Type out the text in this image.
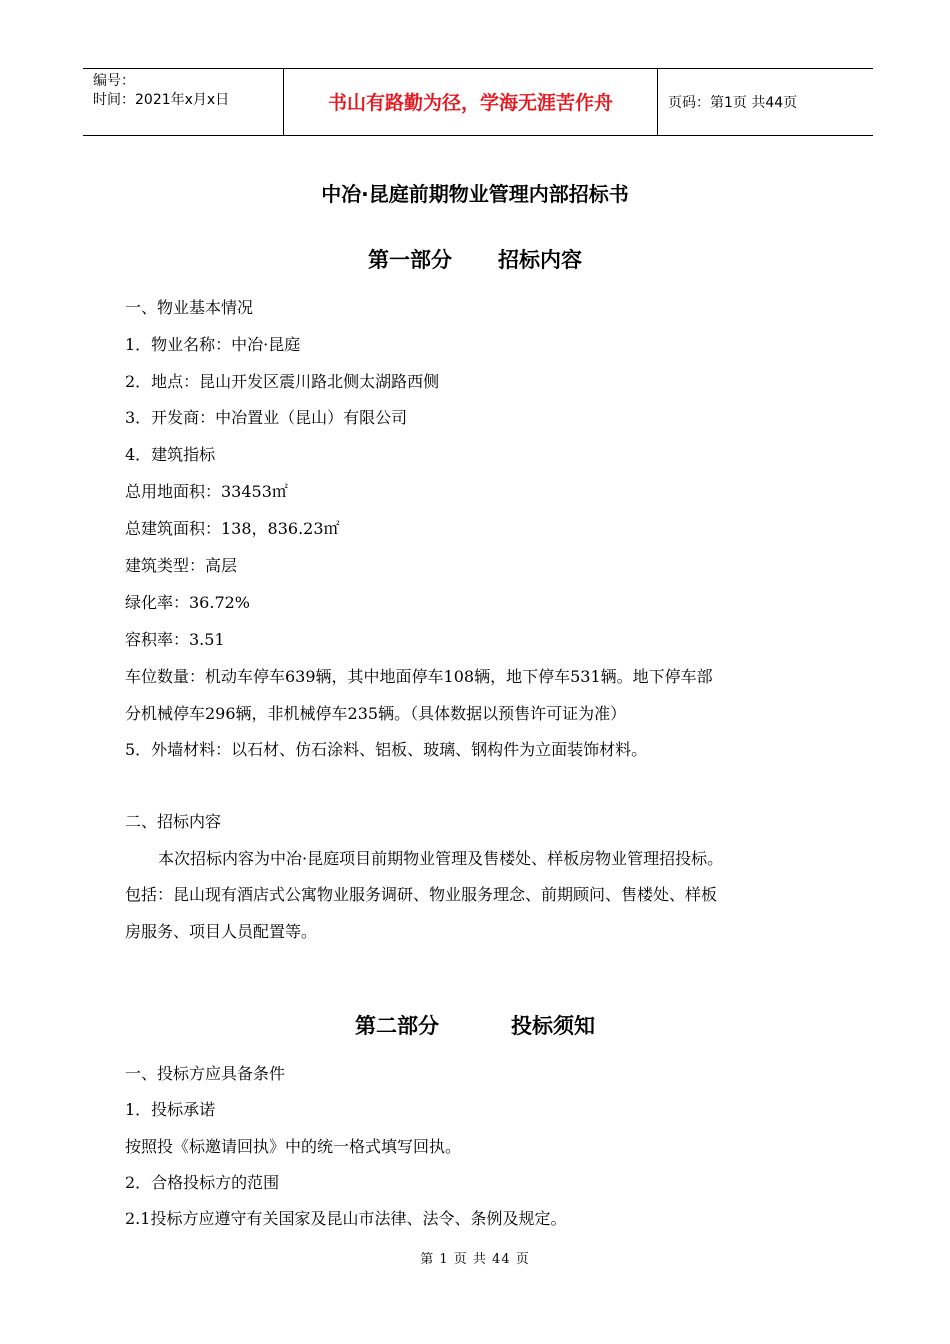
编号：
时间：2021年x月x日	书山有路勤为径，学海无涯苦作舟	页码：第1页 共44页
中冶·昆庭前期物业管理内部招标书
第一部分 招标内容
一、物业基本情况
1．物业名称：中冶·昆庭
2．地点：昆山开发区震川路北侧太湖路西侧
3．开发商：中冶置业（昆山）有限公司
4．建筑指标
总用地面积：33453㎡
总建筑面积：138，836.23㎡
建筑类型：高层
绿化率：36.72%
容积率：3.51
车位数量：机动车停车639辆，其中地面停车108辆，地下停车531辆。地下停车部
分机械停车296辆，非机械停车235辆。（具体数据以预售许可证为准）
5．外墙材料：以石材、仿石涂料、铝板、玻璃、钢构件为立面装饰材料。
二、招标内容
本次招标内容为中冶·昆庭项目前期物业管理及售楼处、样板房物业管理招投标。
包括：昆山现有酒店式公寓物业服务调研、物业服务理念、前期顾问、售楼处、样板
房服务、项目人员配置等。
第二部分	投标须知
一、投标方应具备条件
1．投标承诺
按照投《标邀请回执》中的统一格式填写回执。
2．合格投标方的范围
2.1投标方应遵守有关国家及昆山市法律、法令、条例及规定。
第 1 页 共 44 页
